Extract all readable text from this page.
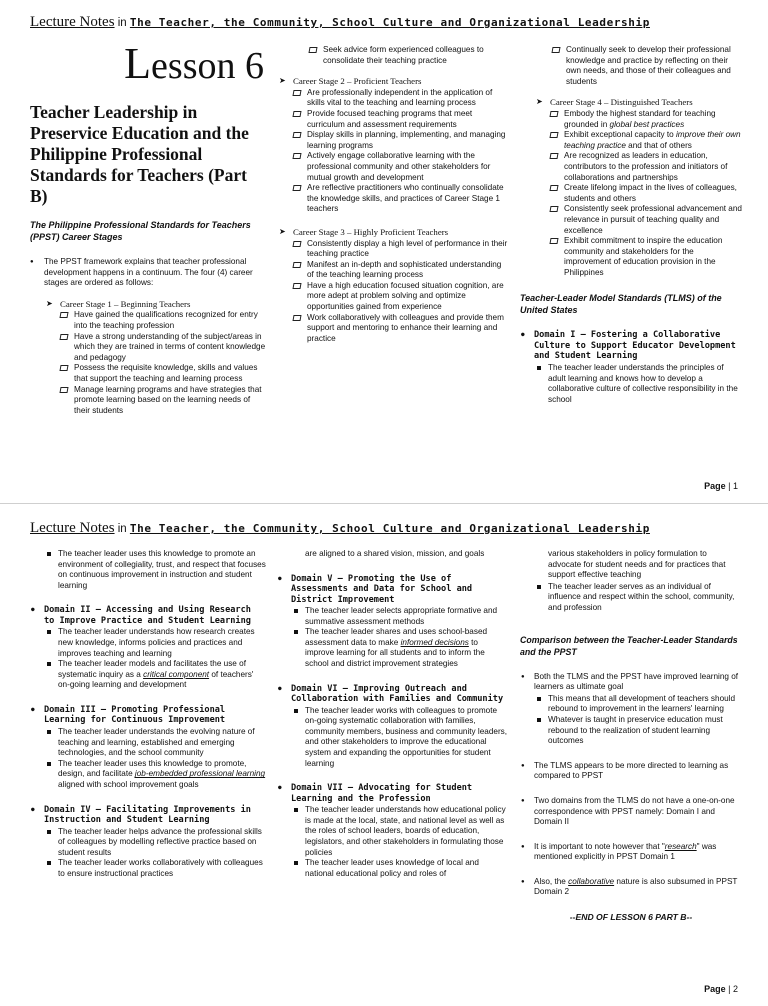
Lecture Notes in The Teacher, the Community, School Culture and Organizational Leadership
Lesson 6
Teacher Leadership in Preservice Education and the Philippine Professional Standards for Teachers (Part B)
The Philippine Professional Standards for Teachers (PPST) Career Stages
● The PPST framework explains that teacher professional development happens in a continuum. The four (4) career stages are ordered as follows:
➤ Career Stage 1 – Beginning Teachers
Have gained the qualifications recognized for entry into the teaching profession
Have a strong understanding of the subject/areas in which they are trained in terms of content knowledge and pedagogy
Possess the requisite knowledge, skills and values that support the teaching and learning process
Manage learning programs and have strategies that promote learning based on the learning needs of their students
Seek advice form experienced colleagues to consolidate their teaching practice
➤ Career Stage 2 – Proficient Teachers
Are professionally independent in the application of skills vital to the teaching and learning process
Provide focused teaching programs that meet curriculum and assessment requirements
Display skills in planning, implementing, and managing learning programs
Actively engage collaborative learning with the professional community and other stakeholders for mutual growth and development
Are reflective practitioners who continually consolidate the knowledge skills, and practices of Career Stage 1 teachers
➤ Career Stage 3 – Highly Proficient Teachers
Consistently display a high level of performance in their teaching practice
Manifest an in-depth and sophisticated understanding of the teaching learning process
Have a high education focused situation cognition, are more adept at problem solving and optimize opportunities gained from experience
Work collaboratively with colleagues and provide them support and mentoring to enhance their learning and practice
Continually seek to develop their professional knowledge and practice by reflecting on their own needs, and those of their colleagues and students
➤ Career Stage 4 – Distinguished Teachers
Embody the highest standard for teaching grounded in global best practices
Exhibit exceptional capacity to improve their own teaching practice and that of others
Are recognized as leaders in education, contributors to the profession and initiators of collaborations and partnerships
Create lifelong impact in the lives of colleagues, students and others
Consistently seek professional advancement and relevance in pursuit of teaching quality and excellence
Exhibit commitment to inspire the education community and stakeholders for the improvement of education provision in the Philippines
Teacher-Leader Model Standards (TLMS) of the United States
● Domain I – Fostering a Collaborative Culture to Support Educator Development and Student Learning
The teacher leader understands the principles of adult learning and knows how to develop a collaborative culture of collective responsibility in the school
Page | 1
Lecture Notes in The Teacher, the Community, School Culture and Organizational Leadership
The teacher leader uses this knowledge to promote an environment of collegiality, trust, and respect that focuses on continuous improvement in instruction and student learning
● Domain II – Accessing and Using Research to Improve Practice and Student Learning
The teacher leader understands how research creates new knowledge, informs policies and practices and improves teaching and learning
The teacher leader models and facilitates the use of systematic inquiry as a critical component of teachers' on-going learning and development
● Domain III – Promoting Professional Learning for Continuous Improvement
The teacher leader understands the evolving nature of teaching and learning, established and emerging technologies, and the school community
The teacher leader uses this knowledge to promote, design, and facilitate job-embedded professional learning aligned with school improvement goals
● Domain IV – Facilitating Improvements in Instruction and Student Learning
The teacher leader helps advance the professional skills of colleagues by modelling reflective practice based on student results
The teacher leader works collaboratively with colleagues to ensure instructional practices
are aligned to a shared vision, mission, and goals
● Domain V – Promoting the Use of Assessments and Data for School and District Improvement
The teacher leader selects appropriate formative and summative assessment methods
The teacher leader shares and uses school-based assessment data to make informed decisions to improve learning for all students and to inform the school and district improvement strategies
● Domain VI – Improving Outreach and Collaboration with Families and Community
The teacher leader works with colleagues to promote on-going systematic collaboration with families, community members, business and community leaders, and other stakeholders to improve the educational system and expanding the opportunities for student learning
● Domain VII – Advocating for Student Learning and the Profession
The teacher leader understands how educational policy is made at the local, state, and national level as well as the roles of school leaders, boards of education, legislators, and other stakeholders in formulating those policies
The teacher leader uses knowledge of local and national educational policy and roles of
various stakeholders in policy formulation to advocate for student needs and for practices that support effective teaching
The teacher leader serves as an individual of influence and respect within the school, community, and profession
Comparison between the Teacher-Leader Standards and the PPST
● Both the TLMS and the PPST have improved learning of learners as ultimate goal
This means that all development of teachers should rebound to improvement in the learners' learning
Whatever is taught in preservice education must rebound to the realization of student learning outcomes
● The TLMS appears to be more directed to learning as compared to PPST
● Two domains from the TLMS do not have a one-on-one correspondence with PPST namely: Domain I and Domain II
● It is important to note however that "research" was mentioned explicitly in PPST Domain 1
● Also, the collaborative nature is also subsumed in PPST Domain 2
--END OF LESSON 6 PART B--
Page | 2
